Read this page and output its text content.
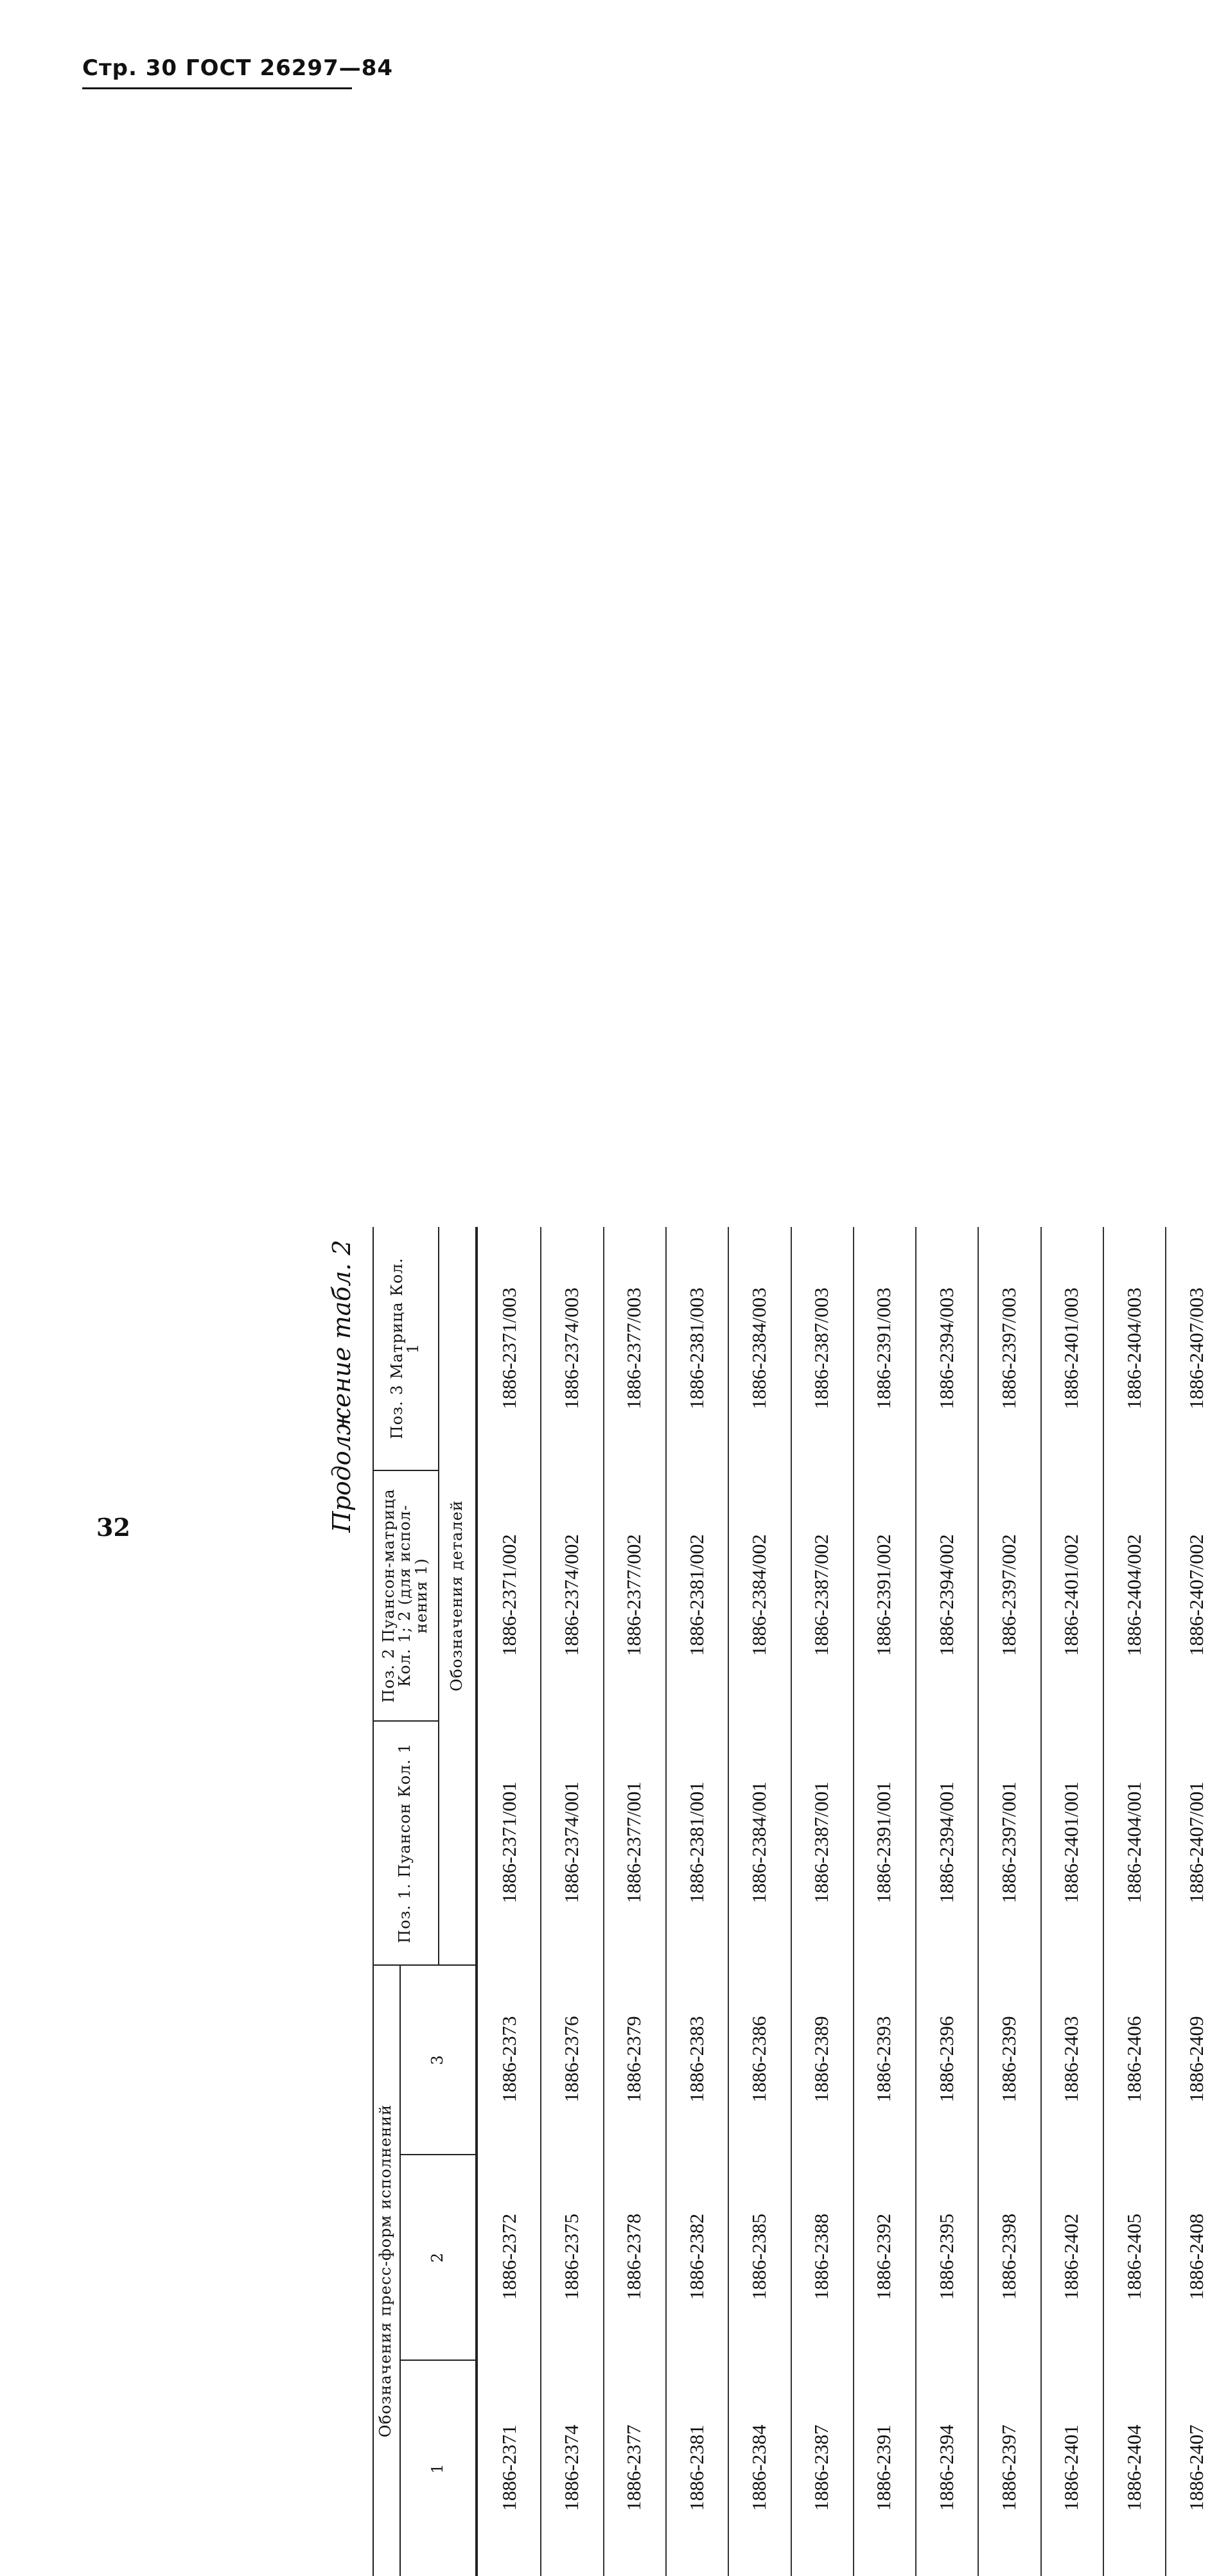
Стр. 30 ГОСТ 26297—84
Продолжение табл. 2
Обозначения пресс-форм исполнений
1
2
3
Поз. 1. Пуансон Кол. 1
Поз. 2 Пуансон-матрица Кол. 1; 2 (для испол- нения 1)
Поз. 3 Матрица Кол. 1
Обозначения деталей
1886-2371
1886-2372
1886-2373
1886-2371/001
1886-2371/002
1886-2371/003
1886-2374
1886-2375
1886-2376
1886-2374/001
1886-2374/002
1886-2374/003
1886-2377
1886-2378
1886-2379
1886-2377/001
1886-2377/002
1886-2377/003
1886-2381
1886-2382
1886-2383
1886-2381/001
1886-2381/002
1886-2381/003
1886-2384
1886-2385
1886-2386
1886-2384/001
1886-2384/002
1886-2384/003
1886-2387
1886-2388
1886-2389
1886-2387/001
1886-2387/002
1886-2387/003
1886-2391
1886-2392
1886-2393
1886-2391/001
1886-2391/002
1886-2391/003
1886-2394
1886-2395
1886-2396
1886-2394/001
1886-2394/002
1886-2394/003
1886-2397
1886-2398
1886-2399
1886-2397/001
1886-2397/002
1886-2397/003
1886-2401
1886-2402
1886-2403
1886-2401/001
1886-2401/002
1886-2401/003
1886-2404
1886-2405
1886-2406
1886-2404/001
1886-2404/002
1886-2404/003
1886-2407
1886-2408
1886-2409
1886-2407/001
1886-2407/002
1886-2407/003
32
